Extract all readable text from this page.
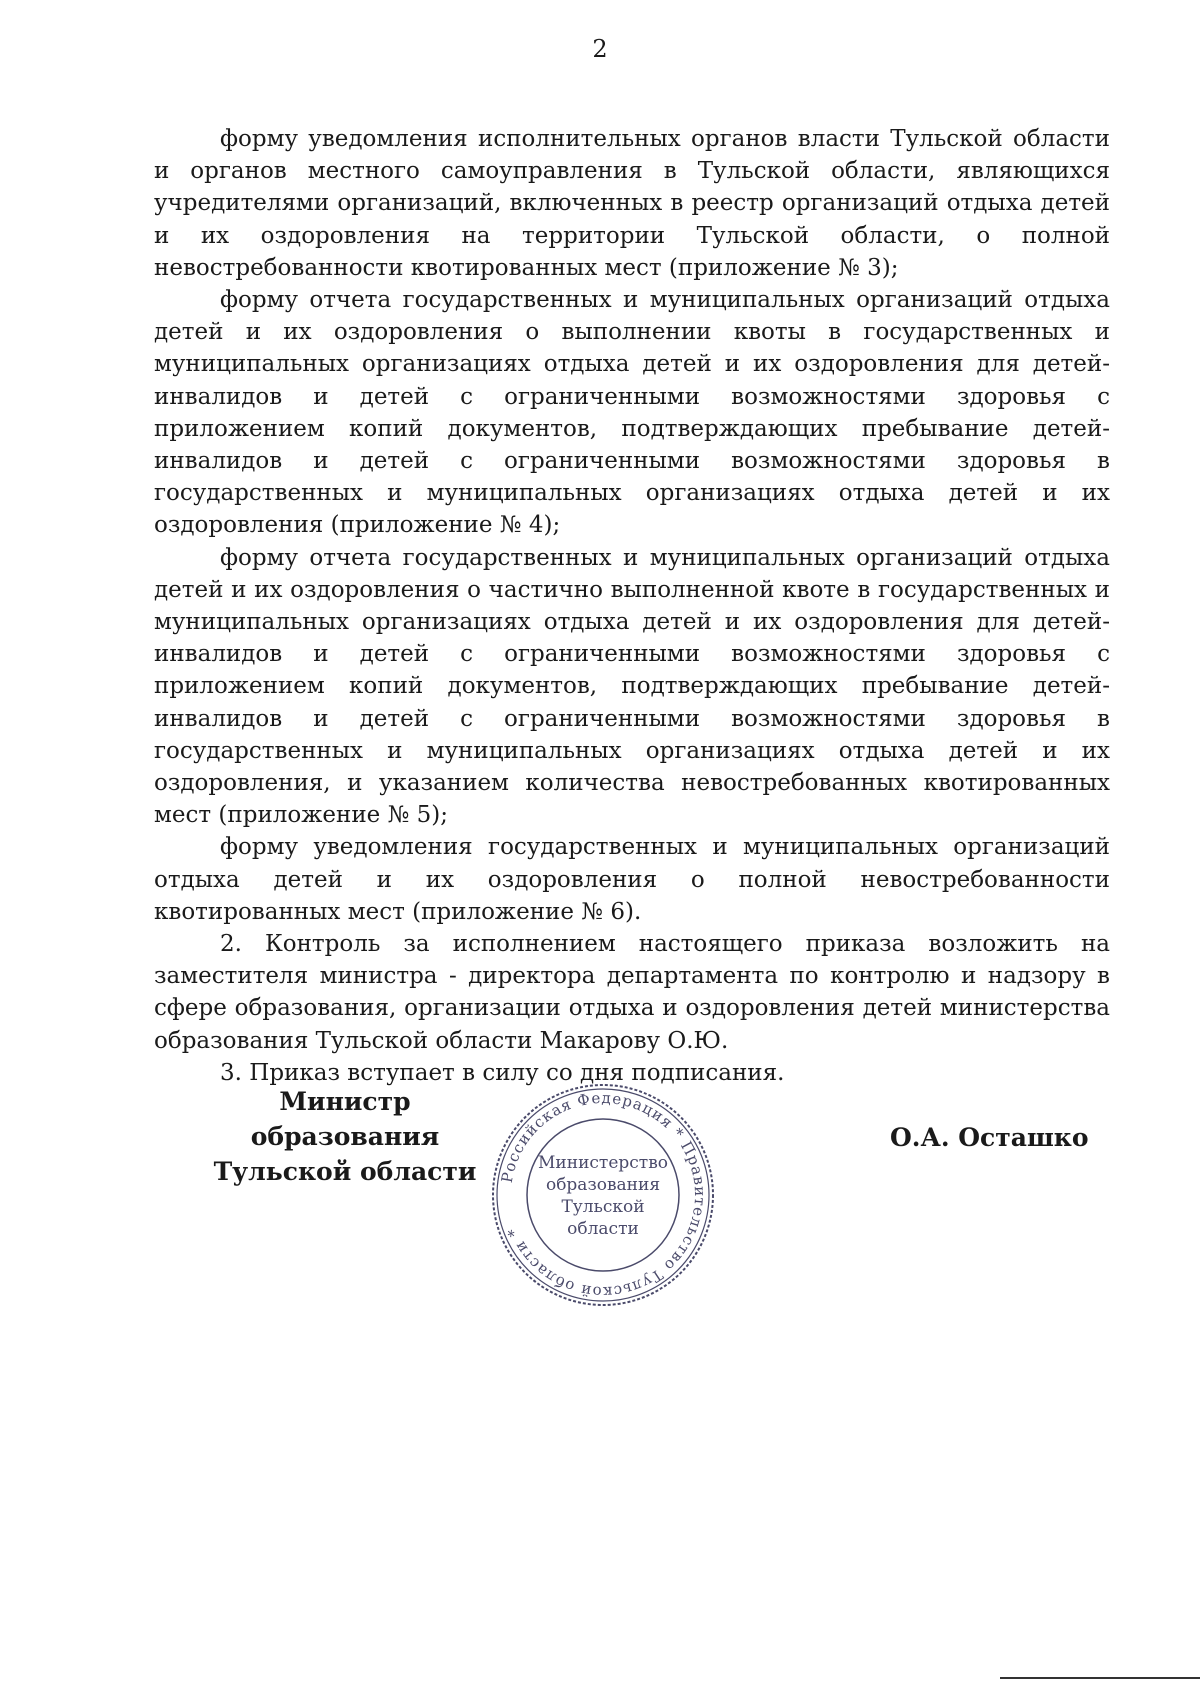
2

форму уведомления исполнительных органов власти Тульской области и органов местного самоуправления в Тульской области, являющихся учредителями организаций, включенных в реестр организаций отдыха детей и их оздоровления на территории Тульской области, о полной невостребованности квотированных мест (приложение № 3);

форму отчета государственных и муниципальных организаций отдыха детей и их оздоровления о выполнении квоты в государственных и муниципальных организациях отдыха детей и их оздоровления для детей-инвалидов и детей с ограниченными возможностями здоровья с приложением копий документов, подтверждающих пребывание детей-инвалидов и детей с ограниченными возможностями здоровья в государственных и муниципальных организациях отдыха детей и их оздоровления (приложение № 4);

форму отчета государственных и муниципальных организаций отдыха детей и их оздоровления о частично выполненной квоте в государственных и муниципальных организациях отдыха детей и их оздоровления для детей-инвалидов и детей с ограниченными возможностями здоровья с приложением копий документов, подтверждающих пребывание детей-инвалидов и детей с ограниченными возможностями здоровья в государственных и муниципальных организациях отдыха детей и их оздоровления, и указанием количества невостребованных квотированных мест (приложение № 5);

форму уведомления государственных и муниципальных организаций отдыха детей и их оздоровления о полной невостребованности квотированных мест (приложение № 6).

2. Контроль за исполнением настоящего приказа возложить на заместителя министра - директора департамента по контролю и надзору в сфере образования, организации отдыха и оздоровления детей министерства образования Тульской области Макарову О.Ю.

3. Приказ вступает в силу со дня подписания.

Министр образования
Тульской области	Российская Федерация * Правительство Тульской области *
Министерство
образования
Тульской
области
О.А. Осташко
